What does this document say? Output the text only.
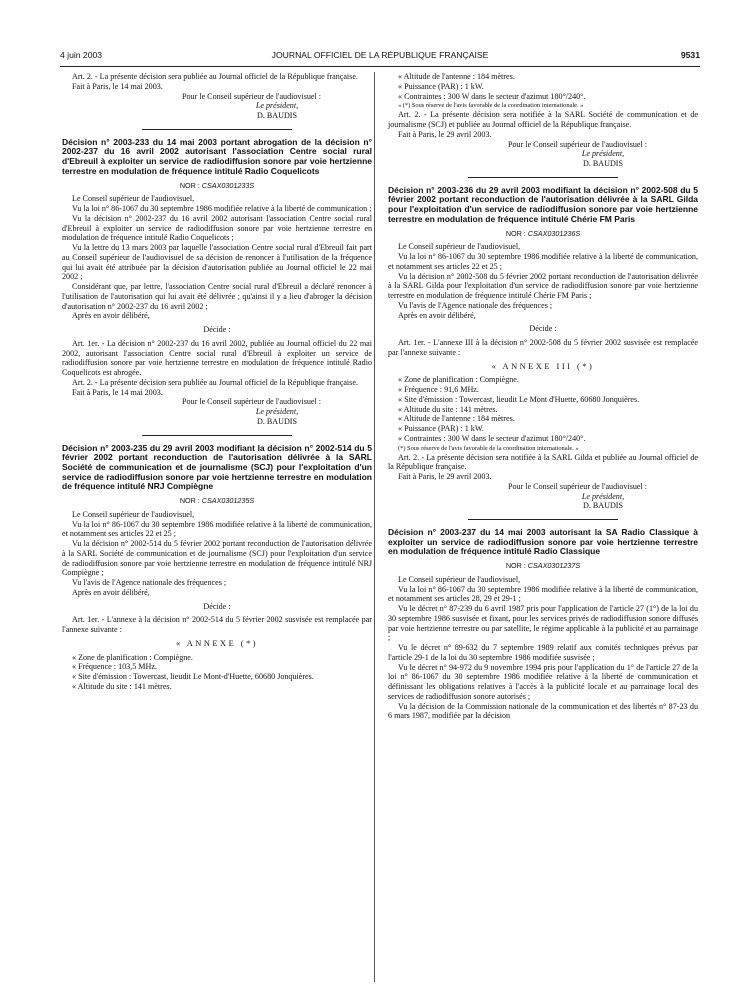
4 juin 2003	JOURNAL OFFICIEL DE LA RÉPUBLIQUE FRANÇAISE	9531

Art. 2. - La présente décision sera publiée au Journal officiel de la République française.

Fait à Paris, le 14 mai 2003.

Pour le Conseil supérieur de l'audiovisuel :

Le président,

D. BAUDIS

Décision n° 2003-233 du 14 mai 2003 portant abrogation de la décision n° 2002-237 du 16 avril 2002 autorisant l'association Centre social rural d'Ebreuil à exploiter un service de radiodiffusion sonore par voie hertzienne terrestre en modulation de fréquence intitulé Radio Coquelicots

NOR : CSAX0301233S

Le Conseil supérieur de l'audiovisuel,

Vu la loi n° 86-1067 du 30 septembre 1986 modifiée relative à la liberté de communication ;

Vu la décision n° 2002-237 du 16 avril 2002 autorisant l'association Centre social rural d'Ebreuil à exploiter un service de radiodiffusion sonore par voie hertzienne terrestre en modulation de fréquence intitulé Radio Coquelicots ;

Vu la lettre du 13 mars 2003 par laquelle l'association Centre social rural d'Ebreuil fait part au Conseil supérieur de l'audiovisuel de sa décision de renoncer à l'utilisation de la fréquence qui lui avait été attribuée par la décision d'autorisation publiée au Journal officiel le 22 mai 2002 ;

Considérant que, par lettre, l'association Centre social rural d'Ebreuil a déclaré renoncer à l'utilisation de l'autorisation qui lui avait été délivrée ; qu'ainsi il y a lieu d'abroger la décision d'autorisation n° 2002-237 du 16 avril 2002 ;

Après en avoir délibéré,

Décide :

Art. 1er. - La décision n° 2002-237 du 16 avril 2002, publiée au Journal officiel du 22 mai 2002, autorisant l'association Centre social rural d'Ebreuil à exploiter un service de radiodiffusion sonore par voie hertzienne terrestre en modulation de fréquence intitulé Radio Coquelicots est abrogée.

Art. 2. - La présente décision sera publiée au Journal officiel de la République française.

Fait à Paris, le 14 mai 2003.

Pour le Conseil supérieur de l'audiovisuel :

Le président,

D. BAUDIS

Décision n° 2003-235 du 29 avril 2003 modifiant la décision n° 2002-514 du 5 février 2002 portant reconduction de l'autorisation délivrée à la SARL Société de communication et de journalisme (SCJ) pour l'exploitation d'un service de radiodiffusion sonore par voie hertzienne terrestre en modulation de fréquence intitulé NRJ Compiègne

NOR : CSAX0301235S

Le Conseil supérieur de l'audiovisuel,

Vu la loi n° 86-1067 du 30 septembre 1986 modifiée relative à la liberté de communication, et notamment ses articles 22 et 25 ;

Vu la décision n° 2002-514 du 5 février 2002 portant reconduction de l'autorisation délivrée à la SARL Société de communication et de journalisme (SCJ) pour l'exploitation d'un service de radiodiffusion sonore par voie hertzienne terrestre en modulation de fréquence intitulé NRJ Compiègne ;

Vu l'avis de l'Agence nationale des fréquences ;

Après en avoir délibéré,

Décide :

Art. 1er. - L'annexe à la décision n° 2002-514 du 5 février 2002 susvisée est remplacée par l'annexe suivante :

« ANNEXE (*)

« Zone de planification : Compiègne.

« Fréquence : 103,5 MHz.

« Site d'émission : Towercast, lieudit Le Mont-d'Huette, 60680 Jonquières.

« Altitude du site : 141 mètres.

« Altitude de l'antenne : 184 mètres.

« Puissance (PAR) : 1 kW.

« Contraintes : 300 W dans le secteur d'azimut 180°/240°.

« (*) Sous réserve de l'avis favorable de la coordination internationale. »

Art. 2. - La présente décision sera notifiée à la SARL Société de communication et de journalisme (SCJ) et publiée au Journal officiel de la République française.

Fait à Paris, le 29 avril 2003.

Pour le Conseil supérieur de l'audiovisuel :

Le président,

D. BAUDIS

Décision n° 2003-236 du 29 avril 2003 modifiant la décision n° 2002-508 du 5 février 2002 portant reconduction de l'autorisation délivrée à la SARL Gilda pour l'exploitation d'un service de radiodiffusion sonore par voie hertzienne terrestre en modulation de fréquence intitulé Chérie FM Paris

NOR : CSAX0301236S

Le Conseil supérieur de l'audiovisuel,

Vu la loi n° 86-1067 du 30 septembre 1986 modifiée relative à la liberté de communication, et notamment ses articles 22 et 25 ;

Vu la décision n° 2002-508 du 5 février 2002 portant reconduction de l'autorisation délivrée à la SARL Gilda pour l'exploitation d'un service de radiodiffusion sonore par voie hertzienne terrestre en modulation de fréquence intitulé Chérie FM Paris ;

Vu l'avis de l'Agence nationale des fréquences ;

Après en avoir délibéré,

Décide :

Art. 1er. - L'annexe III à la décision n° 2002-508 du 5 février 2002 susvisée est remplacée par l'annexe suivante :

« ANNEXE III (*)

« Zone de planification : Compiègne.

« Fréquence : 91,6 MHz.

« Site d'émission : Towercast, lieudit Le Mont d'Huette, 60680 Jonquières.

« Altitude du site : 141 mètres.

« Altitude de l'antenne : 184 mètres.

« Puissance (PAR) : 1 kW.

« Contraintes : 300 W dans le secteur d'azimut 180°/240°.

(*) Sous réserve de l'avis favorable de la coordination internationale. »

Art. 2. - La présente décision sera notifiée à la SARL Gilda et publiée au Journal officiel de la République française.

Fait à Paris, le 29 avril 2003.

Pour le Conseil supérieur de l'audiovisuel :

Le président,

D. BAUDIS

Décision n° 2003-237 du 14 mai 2003 autorisant la SA Radio Classique à exploiter un service de radiodiffusion sonore par voie hertzienne terrestre en modulation de fréquence intitulé Radio Classique

NOR : CSAX0301237S

Le Conseil supérieur de l'audiovisuel,

Vu la loi n° 86-1067 du 30 septembre 1986 modifiée relative à la liberté de communication, et notamment ses articles 28, 29 et 29-1 ;

Vu le décret n° 87-239 du 6 avril 1987 pris pour l'application de l'article 27 (1°) de la loi du 30 septembre 1986 susvisée et fixant, pour les services privés de radiodiffusion sonore diffusés par voie hertzienne terrestre ou par satellite, le régime applicable à la publicité et au parrainage ;

Vu le décret n° 89-632 du 7 septembre 1989 relatif aux comités techniques prévus par l'article 29-1 de la loi du 30 septembre 1986 modifiée susvisée ;

Vu le décret n° 94-972 du 9 novembre 1994 pris pour l'application du 1° de l'article 27 de la loi n° 86-1067 du 30 septembre 1986 modifiée relative à la liberté de communication et définissant les obligations relatives à l'accès à la publicité locale et au parrainage local des services de radiodiffusion sonore autorisés ;

Vu la décision de la Commission nationale de la communication et des libertés n° 87-23 du 6 mars 1987, modifiée par la décision
